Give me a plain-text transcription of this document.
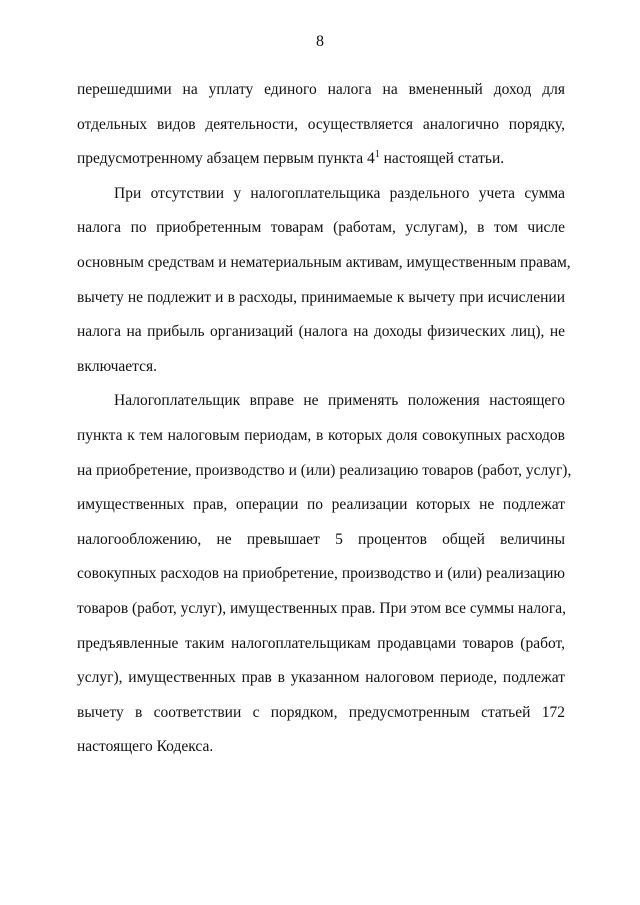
8
перешедшими на уплату единого налога на вмененный доход для
отдельных видов деятельности, осуществляется аналогично порядку,
предусмотренному абзацем первым пункта $4^1$ настоящей статьи.
При отсутствии у налогоплательщика раздельного учета сумма
налога по приобретенным товарам (работам, услугам), в том числе
основным средствам и нематериальным активам, имущественным правам,
вычету не подлежит и в расходы, принимаемые к вычету при исчислении
налога на прибыль организаций (налога на доходы физических лиц), не
включается.
Налогоплательщик вправе не применять положения настоящего
пункта к тем налоговым периодам, в которых доля совокупных расходов
на приобретение, производство и (или) реализацию товаров (работ, услуг),
имущественных прав, операции по реализации которых не подлежат
налогообложению, не превышает 5 процентов общей величины
совокупных расходов на приобретение, производство и (или) реализацию
товаров (работ, услуг), имущественных прав. При этом все суммы налога,
предъявленные таким налогоплательщикам продавцами товаров (работ,
услуг), имущественных прав в указанном налоговом периоде, подлежат
вычету в соответствии с порядком, предусмотренным статьей 172
настоящего Кодекса.
